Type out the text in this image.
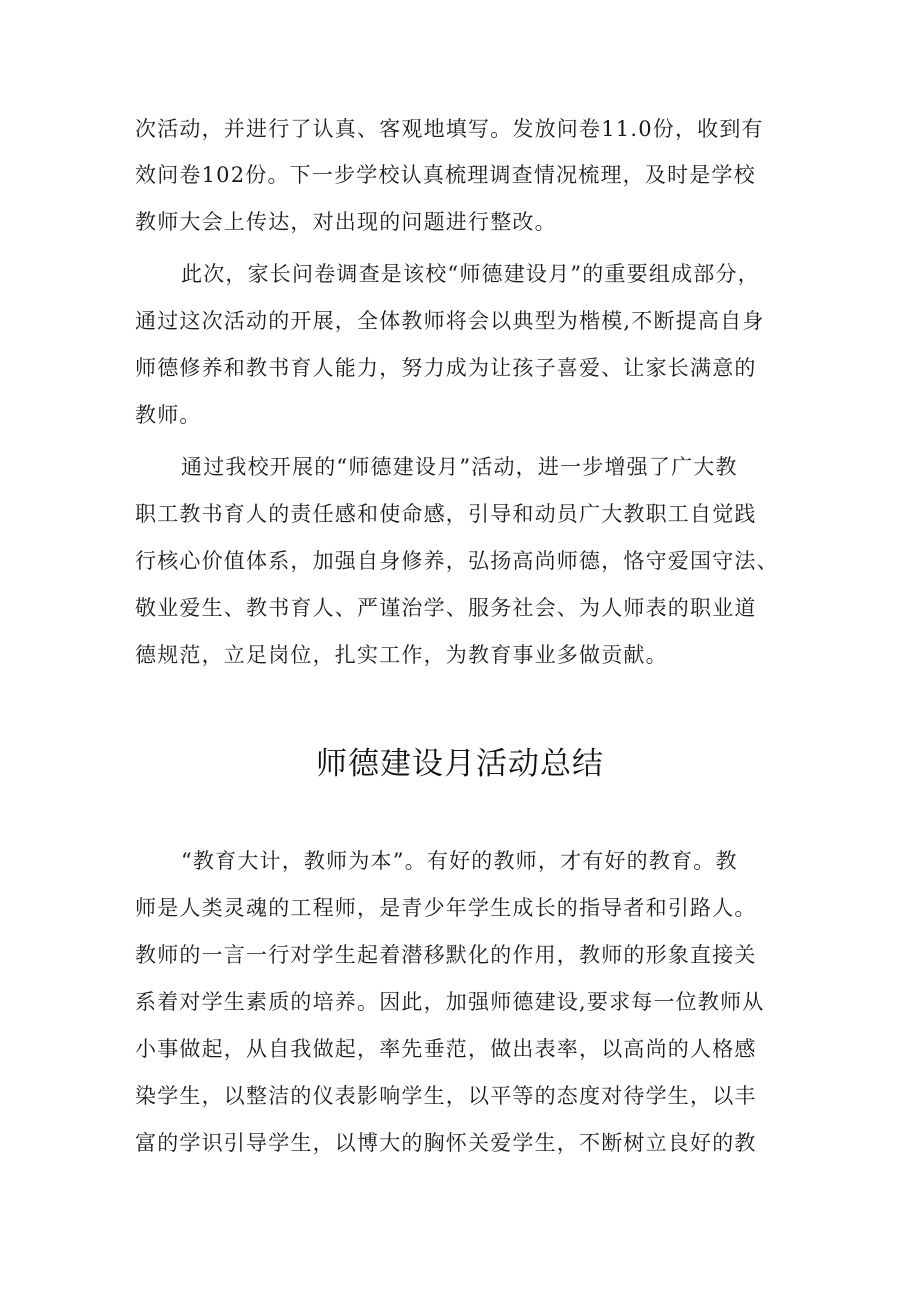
次活动，并进行了认真、客观地填写。发放问卷11.0份，收到有
效问卷102份。下一步学校认真梳理调查情况梳理，及时是学校
教师大会上传达，对出现的问题进行整改。
此次，家长问卷调查是该校“师德建设月”的重要组成部分，
通过这次活动的开展，全体教师将会以典型为楷模,不断提高自身
师德修养和教书育人能力，努力成为让孩子喜爱、让家长满意的
教师。
通过我校开展的“师德建设月”活动，进一步增强了广大教
职工教书育人的责任感和使命感，引导和动员广大教职工自觉践
行核心价值体系，加强自身修养，弘扬高尚师德，恪守爱国守法、
敬业爱生、教书育人、严谨治学、服务社会、为人师表的职业道
德规范，立足岗位，扎实工作，为教育事业多做贡献。
师德建设月活动总结
“教育大计，教师为本”。有好的教师，才有好的教育。教
师是人类灵魂的工程师，是青少年学生成长的指导者和引路人。
教师的一言一行对学生起着潜移默化的作用，教师的形象直接关
系着对学生素质的培养。因此，加强师德建设,要求每一位教师从
小事做起，从自我做起，率先垂范，做出表率，以高尚的人格感
染学生，以整洁的仪表影响学生，以平等的态度对待学生，以丰
富的学识引导学生，以博大的胸怀关爱学生，不断树立良好的教
